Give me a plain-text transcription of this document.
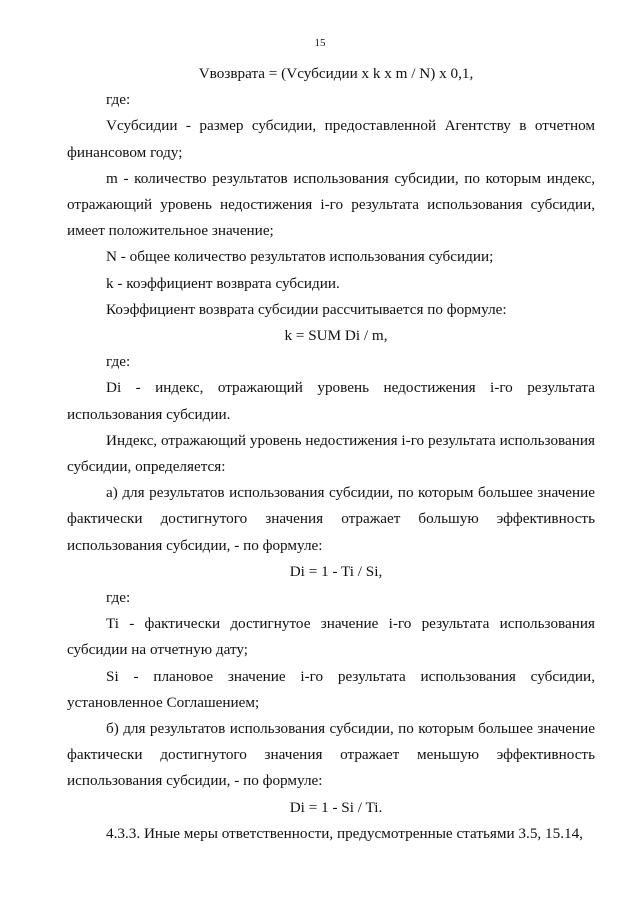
15

Vвозврата = (Vсубсидии x k x m / N) x 0,1,

где:

Vсубсидии - размер субсидии, предоставленной Агентству в отчетном финансовом году;

m - количество результатов использования субсидии, по которым индекс, отражающий уровень недостижения i-го результата использования субсидии, имеет положительное значение;

N - общее количество результатов использования субсидии;

k - коэффициент возврата субсидии.

Коэффициент возврата субсидии рассчитывается по формуле:

k = SUM Di / m,

где:

Di - индекс, отражающий уровень недостижения i-го результата использования субсидии.

Индекс, отражающий уровень недостижения i-го результата использования субсидии, определяется:

а) для результатов использования субсидии, по которым большее значение фактически достигнутого значения отражает большую эффективность использования субсидии, - по формуле:

Di = 1 - Ti / Si,

где:

Ti - фактически достигнутое значение i-го результата использования субсидии на отчетную дату;

Si - плановое значение i-го результата использования субсидии, установленное Соглашением;

б) для результатов использования субсидии, по которым большее значение фактически достигнутого значения отражает меньшую эффективность использования субсидии, - по формуле:

Di = 1 - Si / Ti.

4.3.3. Иные меры ответственности, предусмотренные статьями 3.5, 15.14,
